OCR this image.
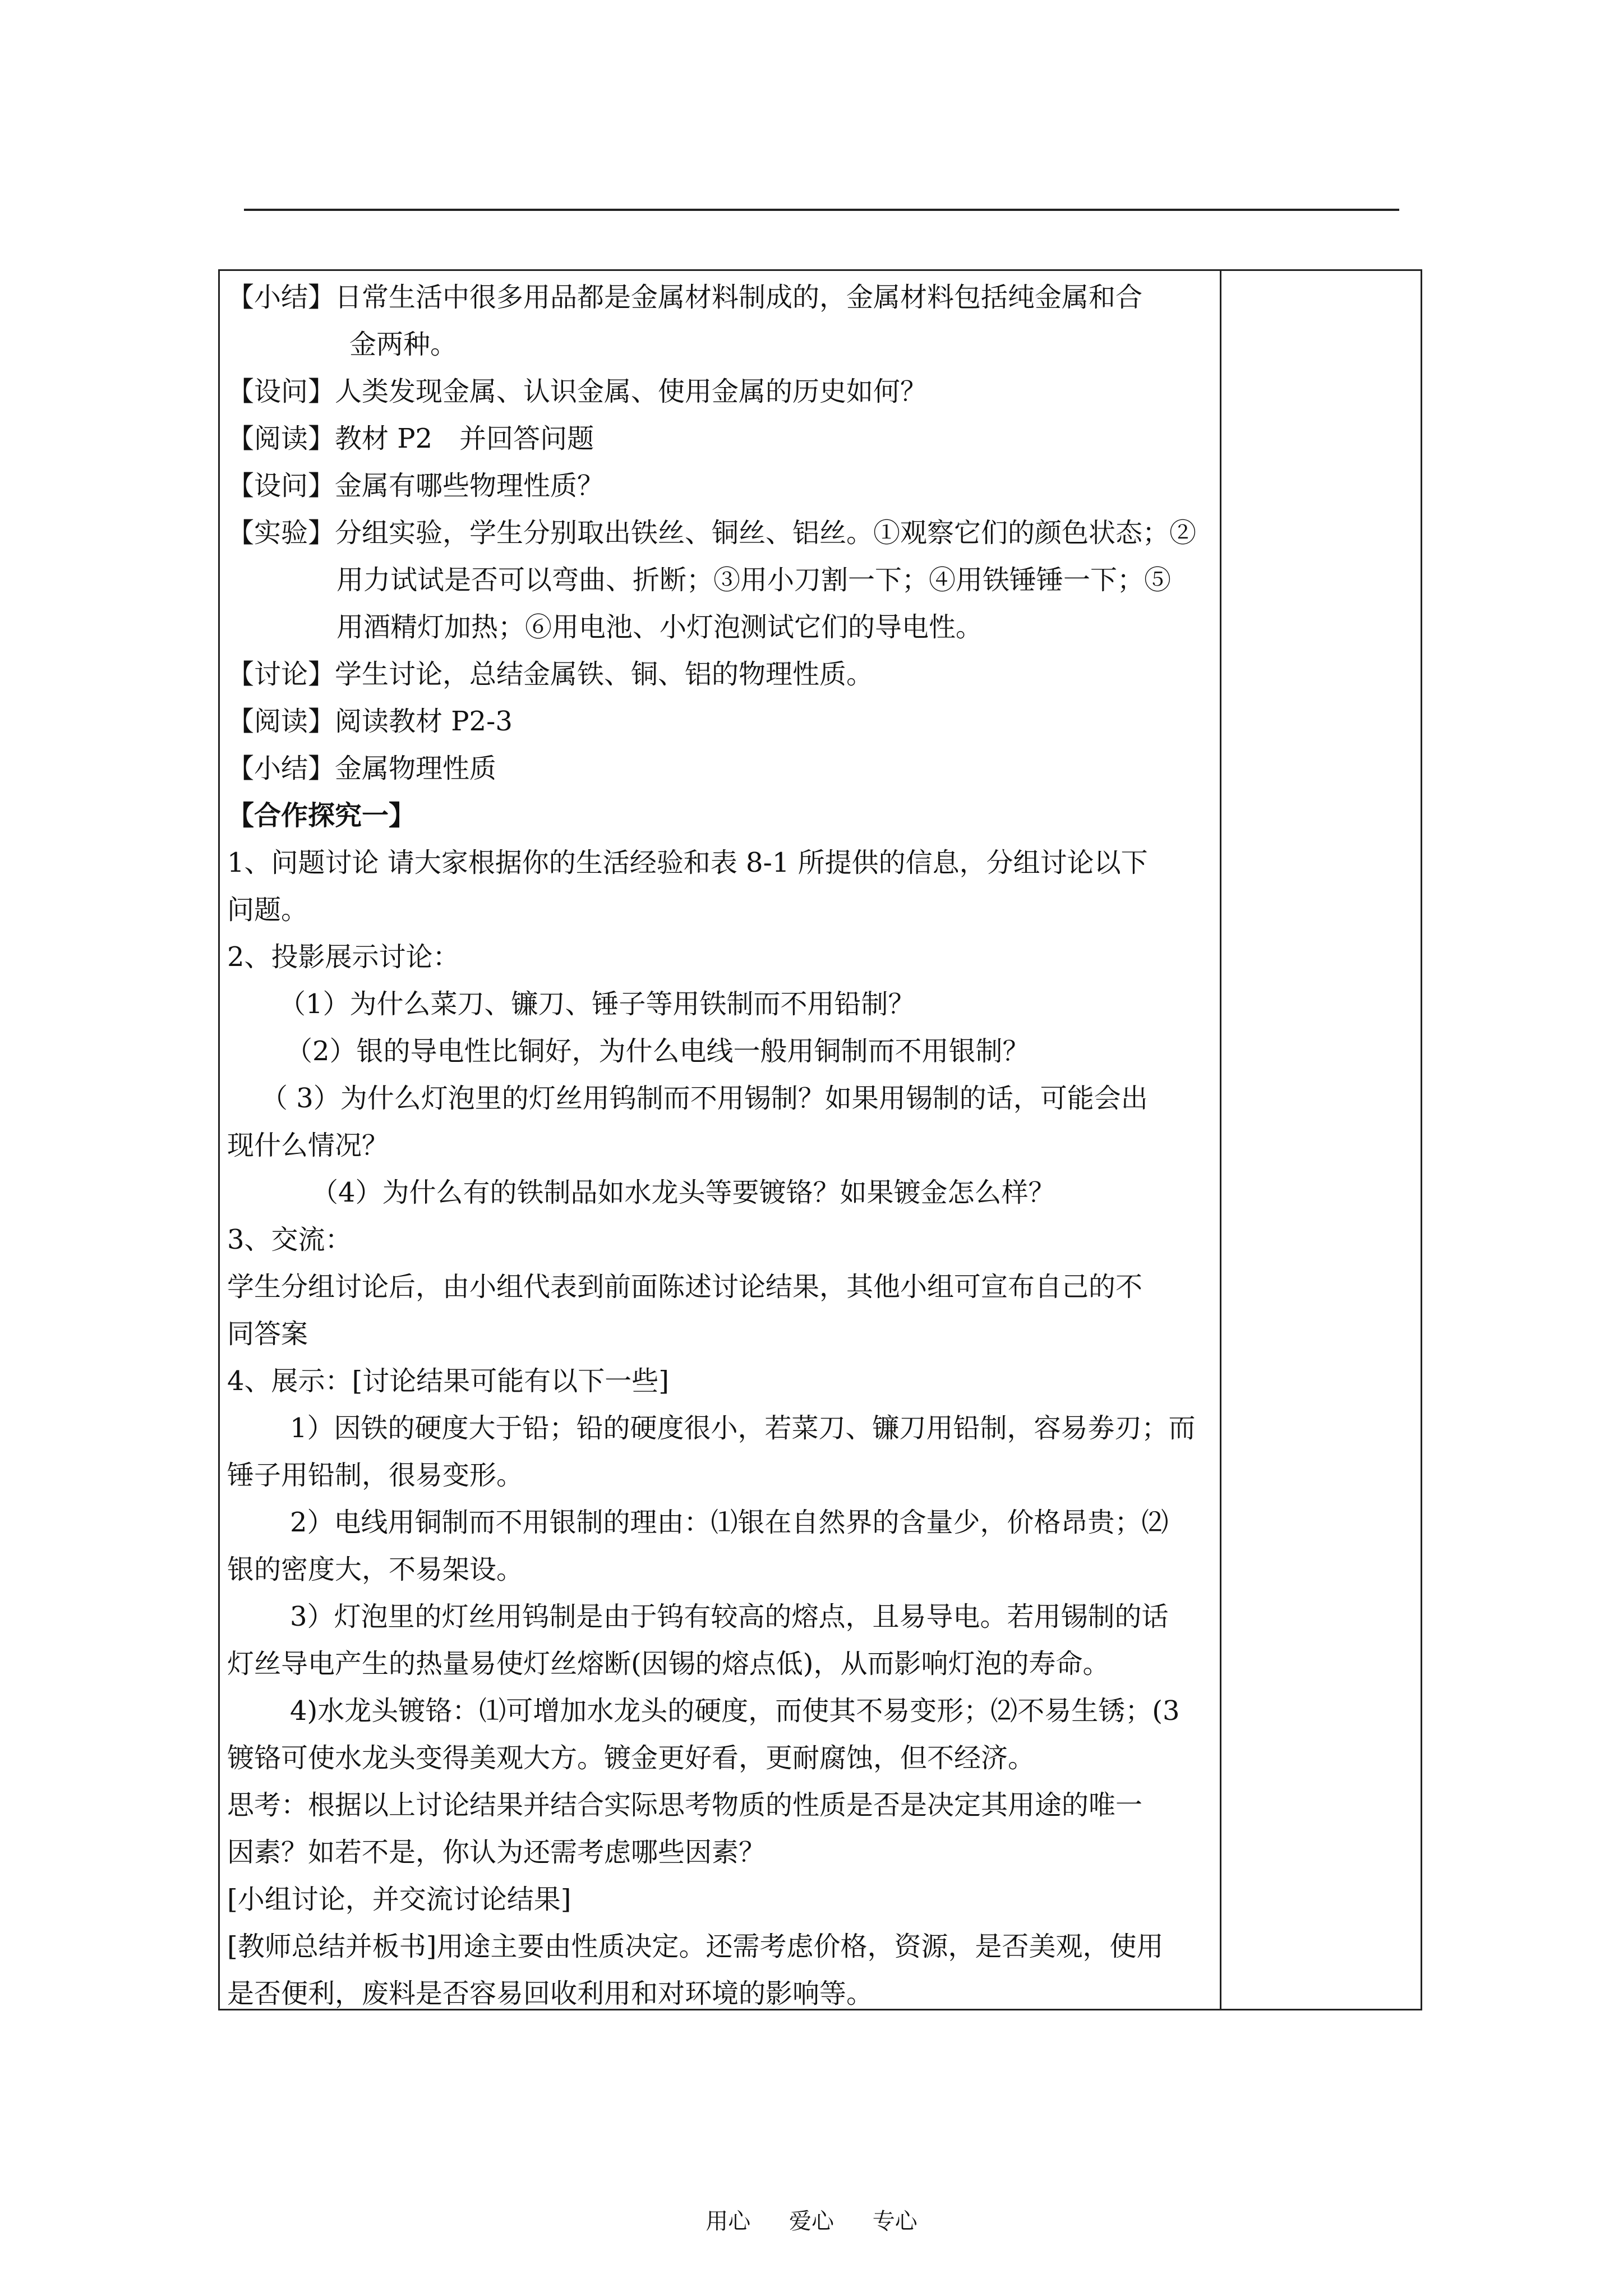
【小结】日常生活中很多用品都是金属材料制成的，金属材料包括纯金属和合
金两种。
【设问】人类发现金属、认识金属、使用金属的历史如何？
【阅读】教材 P2　并回答问题
【设问】金属有哪些物理性质？
【实验】分组实验，学生分别取出铁丝、铜丝、铝丝。①观察它们的颜色状态；②
用力试试是否可以弯曲、折断；③用小刀割一下；④用铁锤锤一下；⑤
用酒精灯加热；⑥用电池、小灯泡测试它们的导电性。
【讨论】学生讨论，总结金属铁、铜、铝的物理性质。
【阅读】阅读教材 P2-3
【小结】金属物理性质
【合作探究一】
1、问题讨论 请大家根据你的生活经验和表 8-1 所提供的信息，分组讨论以下
问题。
2、投影展示讨论：
（1）为什么菜刀、镰刀、锤子等用铁制而不用铅制？
（2）银的导电性比铜好，为什么电线一般用铜制而不用银制？
（ 3）为什么灯泡里的灯丝用钨制而不用锡制？如果用锡制的话，可能会出
现什么情况？
（4）为什么有的铁制品如水龙头等要镀铬？如果镀金怎么样？
3、交流：
学生分组讨论后，由小组代表到前面陈述讨论结果，其他小组可宣布自己的不
同答案
4、展示：[讨论结果可能有以下一些]
1）因铁的硬度大于铅；铅的硬度很小，若菜刀、镰刀用铅制，容易劵刃；而
锤子用铅制，很易变形。
2）电线用铜制而不用银制的理由：⑴银在自然界的含量少，价格昂贵；⑵
银的密度大，不易架设。
3）灯泡里的灯丝用钨制是由于钨有较高的熔点，且易导电。若用锡制的话
灯丝导电产生的热量易使灯丝熔断(因锡的熔点低)，从而影响灯泡的寿命。
4)水龙头镀铬：⑴可增加水龙头的硬度，而使其不易变形；⑵不易生锈；(3
镀铬可使水龙头变得美观大方。镀金更好看，更耐腐蚀，但不经济。
思考：根据以上讨论结果并结合实际思考物质的性质是否是决定其用途的唯一
因素？如若不是，你认为还需考虑哪些因素？
[小组讨论，并交流讨论结果]
[教师总结并板书]用途主要由性质决定。还需考虑价格，资源，是否美观，使用
是否便利，废料是否容易回收利用和对环境的影响等。
用心 爱心 专心
